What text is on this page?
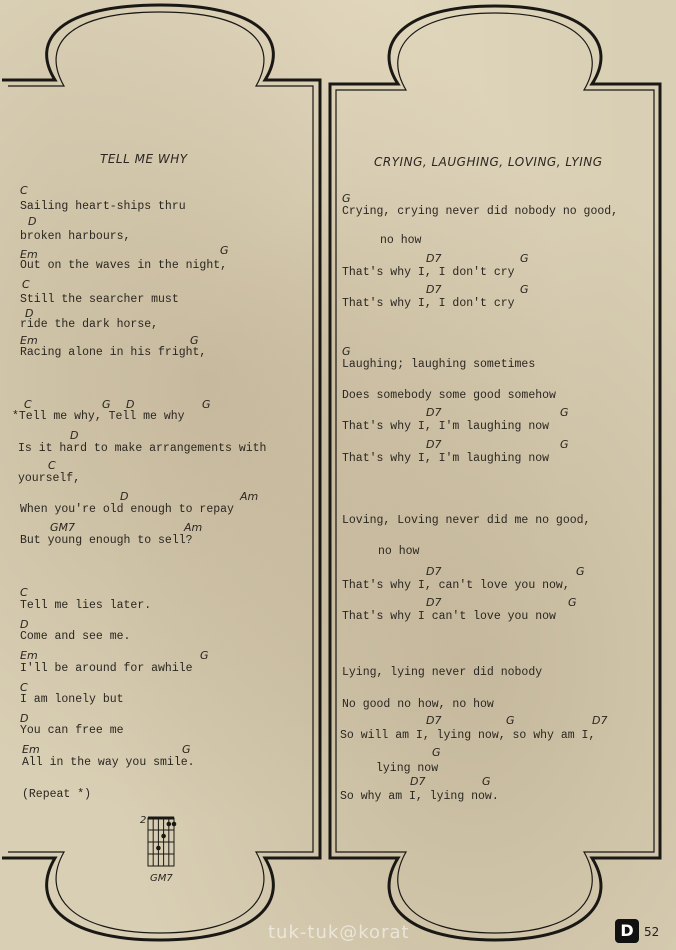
TELL ME WHY
C
Sailing heart-ships thru
D
broken harbours,
Em	G
Out on the waves in the night,
C
Still the searcher must
D
ride the dark horse,
Em	G
Racing alone in his fright,
C	G D	G
*Tell me why, Tell me why
D
Is it hard to make arrangements with
C
yourself,
D	Am
When you're old enough to repay
GM7	Am
But young enough to sell?
C
Tell me lies later.
D
Come and see me.
Em	G
I'll be around for awhile
C
I am lonely but
D
You can free me
Em	G
All in the way you smile.
(Repeat *)
2
GM7
CRYING, LAUGHING, LOVING, LYING
G
Crying, crying never did nobody no good,
no how
D7	G
That's why I, I don't cry
D7	G
That's why I, I don't cry
G
Laughing; laughing sometimes
Does somebody some good somehow
D7	G
That's why I, I'm laughing now
D7	G
That's why I, I'm laughing now
Loving, Loving never did me no good,
no how
D7	G
That's why I, can't love you now,
D7	G
That's why I can't love you now
Lying, lying never did nobody
No good no how, no how
D7	G	D7
So will am I, lying now, so why am I,
G
lying now
D7	G
So why am I, lying now.
tuk-tuk@korat	D 52
